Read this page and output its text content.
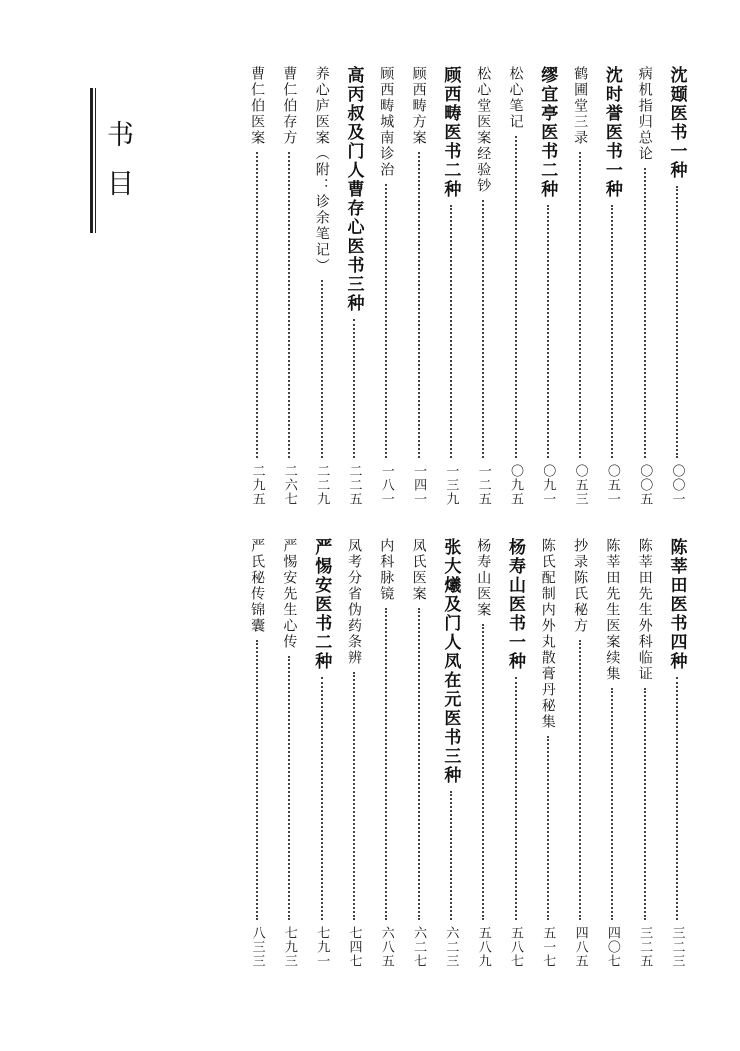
书目	沈颋医书一种
〇〇一
病机指归总论
〇〇五
沈时誉医书一种
〇五一
鹤圃堂三录
〇五三
缪宜亭医书二种
〇九一
松心笔记
〇九五
松心堂医案经验钞
一二五
顾西畴医书二种
一三九
顾西畴方案
一四一
顾西畴城南诊治
一八一
高丙叔及门人曹存心医书三种
二二五
养心庐医案（附：诊余笔记）
二二九
曹仁伯存方
二六七
曹仁伯医案
二九五
陈莘田医书四种
三二三
陈莘田先生外科临证
三二五
陈莘田先生医案续集
四〇七
抄录陈氏秘方
四八五
陈氏配制内外丸散膏丹秘集
五一七
杨寿山医书一种
五八七
杨寿山医案
五八九
张大爔及门人凤在元医书三种
六二三
凤氏医案
六二七
内科脉镜
六八五
凤考分省伪药条辨
七四七
严惕安医书二种
七九一
严惕安先生心传
七九三
严氏秘传锦囊
八三三
